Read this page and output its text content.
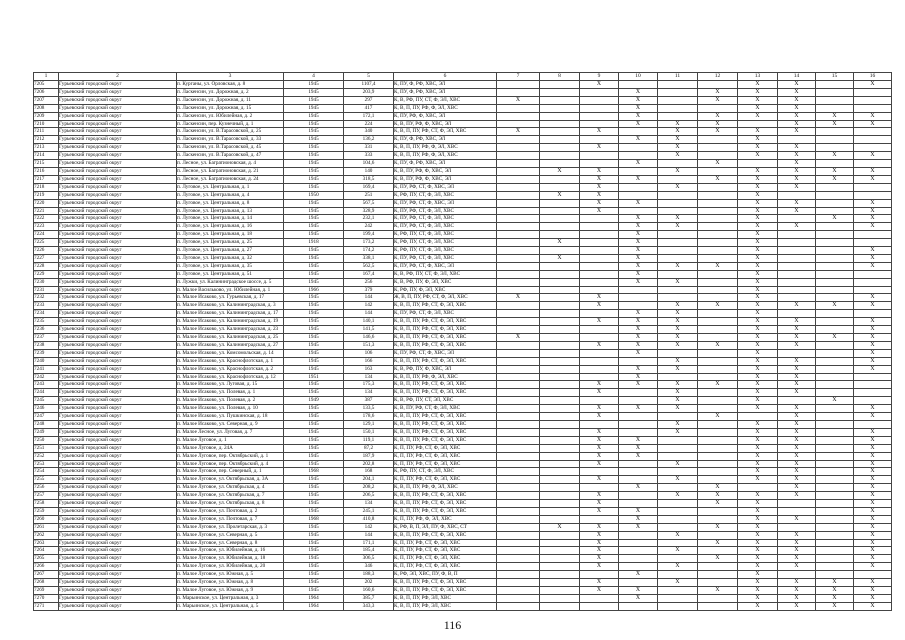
1	2	3	4	5	6	7	8	9	10	11	12	13	14	15	16
7205	Гурьевский городской округ	п. Курганы, ул. Орловская, д. 8	1945	1107,4	К, ПУ, Ф, РФ, ХВС, ЭЛ			X				X	X		X
7206	Гурьевский городской округ	п. Ласкенсин, ул. Дорожная, д. 2	1945	203,9	К, ПУ, Ф, РФ, ХВС, ЭЛ				X		X	X	X		
7207	Гурьевский городской округ	п. Ласкенсин, ул. Дорожная, д. 11	1945	297	К, В, РФ, ПУ, СТ, Ф, ЭЛ, ХВС	X			X		X	X	X		
7208	Гурьевский городской округ	п. Ласкенсин, ул. Дорожная, д. 15	1945	417	К, В, П, ПУ, РФ, Ф, ЭЛ, ХВС				X			X	X		
7209	Гурьевский городской округ	п. Ласкенсин, ул. Юбилейная, д. 2	1945	172,1	К, ПУ, РФ, Ф, ХВС, ЭЛ				X		X	X	X	X	X
7210	Гурьевский городской округ	п. Ласкенсин, пер. Кузнечный, д. 1	1945	224	К, В, ПУ, РФ, Ф, ХВС, ЭЛ				X	X	X		X	X	X
7211	Гурьевский городской округ	п. Ласкенсин, ул. В.Тарасовской, д. 25	1945	340	К, В, П, ПУ, РФ, СТ, Ф, ЭЛ, ХВС	X		X		X	X	X	X		
7212	Гурьевский городской округ	п. Ласкенсин, ул. В.Тарасовской, д. 33	1945	136,2	К, ПУ, Ф, РФ, ХВС, ЭЛ				X	X		X			
7213	Гурьевский городской округ	п. Ласкенсин, ул. В.Тарасовской, д. 45	1945	331	К, В, П, ПУ, РФ, Ф, ЭЛ, ХВС			X		X		X	X		
7214	Гурьевский городской округ	п. Ласкенсин, ул. В.Тарасовской, д. 47	1945	333	К, В, П, ПУ, РФ, Ф, ЭЛ, ХВС					X		X	X	X	X
7215	Гурьевский городской округ	п. Лесное, ул. Багратионовская, д. 4	1945	104,6	К, ПУ, Ф, РФ, ХВС, ЭЛ				X		X		X		
7216	Гурьевский городской округ	п. Лесное, ул. Багратионовская, д. 21	1945	140	К, В, ПУ, РФ, Ф, ХВС, ЭЛ		X	X		X		X	X	X	X
7217	Гурьевский городской округ	п. Лесное, ул. Багратионовская, д. 24	1945	318,5	К, В, ПУ, РФ, Ф, ХВС, ЭЛ			X	X		X	X	X	X	X
7218	Гурьевский городской округ	п. Луговое, ул. Центральная, д. 1	1945	169,4	К, ПУ, РФ, СТ, Ф, ХВС, ЭЛ			X		X		X	X		
7219	Гурьевский городской округ	п. Луговое, ул. Центральная, д. 4	1950	251	К, РФ, ПУ, СТ, Ф, ЭЛ, ХВС		X	X				X			
7220	Гурьевский городской округ	п. Луговое, ул. Центральная, д. 8	1945	567,5	К, ПУ, РФ, СТ, Ф, ХВС, ЭЛ			X	X			X	X		X
7221	Гурьевский городской округ	п. Луговое, ул. Центральная, д. 13	1945	328,9	К, ПУ, РФ, СТ, Ф, ЭЛ, ХВС			X				X	X		X
7222	Гурьевский городской округ	п. Луговое, ул. Центральная, д. 14	1945	232,1	К, ПУ, РФ, СТ, Ф, ЭЛ, ХВС				X	X		X		X	X
7223	Гурьевский городской округ	п. Луговое, ул. Центральная, д. 16	1945	242	К, ПУ, РФ, СТ, Ф, ЭЛ, ХВС				X	X		X	X		X
7224	Гурьевский городской округ	п. Луговое, ул. Центральная, д. 18	1945	199,4	К, РФ, ПУ, СТ, Ф, ЭЛ, ХВС				X			X			
7225	Гурьевский городской округ	п. Луговое, ул. Центральная, д. 25	1918	173,2	К, РФ, ПУ, СТ, Ф, ЭЛ, ХВС		X		X			X			
7226	Гурьевский городской округ	п. Луговое, ул. Центральная, д. 27	1945	174,2	К, РФ, ПУ, СТ, Ф, ЭЛ, ХВС				X			X			X
7227	Гурьевский городской округ	п. Луговое, ул. Центральная, д. 32	1945	338,1	К, ПУ, РФ, СТ, Ф, ЭЛ, ХВС		X		X			X			X
7228	Гурьевский городской округ	п. Луговое, ул. Центральная, д. 35	1945	562,5	К, ПУ, РФ, СТ, Ф, ХВС, ЭЛ				X	X	X	X			X
7229	Гурьевский городской округ	п. Луговое, ул. Центральная, д. 51	1945	167,4	К, В, РФ, ПУ, СТ, Ф, ЭЛ, ХВС				X			X			
7230	Гурьевский городской округ	п. Лужки, ул. Калининградское шоссе, д. 5	1945	256	К, В, РФ, ПУ, Ф, ЭЛ, ХВС				X	X		X			
7231	Гурьевский городской округ	п. Малое Васильково, ул. Юбилейная, д. 1	1966	379	К, РФ, ПУ, Ф, ЭЛ, ХВС							X			
7232	Гурьевский городской округ	п. Малое Исаково, ул. Гурьевская, д. 17	1945	144	Ж, В, П, ПУ, РФ, СТ, Ф, ЭЛ, ХВС	X		X				X			X
7233	Гурьевский городской округ	п. Малое Исаково, ул. Калининградская, д. 3	1945	142	К, В, П, ПУ, РФ, СТ, Ф, ЭЛ, ХВС			X		X	X	X	X	X	X
7234	Гурьевский городской округ	п. Малое Исаково, ул. Калининградская, д. 17	1945	144	К, ПУ, РФ, СТ, Ф, ЭЛ, ХВС				X	X		X			
7235	Гурьевский городской округ	п. Малое Исаково, ул. Калининградская, д. 19	1945	140,1	К, В, П, ПУ, РФ, СТ, Ф, ЭЛ, ХВС			X	X	X		X	X		X
7236	Гурьевский городской округ	п. Малое Исаково, ул. Калининградская, д. 23	1945	141,5	К, В, П, ПУ, РФ, СТ, Ф, ЭЛ, ХВС				X	X		X	X		X
7237	Гурьевский городской округ	п. Малое Исаково, ул. Калининградская, д. 25	1945	146,6	К, В, П, ПУ, РФ, СТ, Ф, ЭЛ, ХВС	X			X	X		X	X	X	X
7238	Гурьевский городской округ	п. Малое Исаково, ул. Калининградская, д. 27	1945	151,3	К, В, П, ПУ, РФ, СТ, Ф, ЭЛ, ХВС			X	X	X	X	X	X		X
7239	Гурьевский городской округ	п. Малое Исаково, ул. Комсомольская, д. 14	1945	106	К, ПУ, РФ, СТ, Ф, ХВС, ЭЛ				X			X			X
7240	Гурьевский городской округ	п. Малое Исаково, ул. Краснофлотская, д. 1	1945	166	К, В, П, ПУ, РФ, СТ, Ф, ЭЛ, ХВС					X		X	X		X
7241	Гурьевский городской округ	п. Малое Исаково, ул. Краснофлотская, д. 2	1945	163	К, В, РФ, ПУ, Ф, ХВС, ЭЛ				X	X		X	X		X
7242	Гурьевский городской округ	п. Малое Исаково, ул. Краснофлотская, д. 12	1951	134	К, В, П, ПУ, РФ, Ф, ЭЛ, ХВС				X			X	X		
7243	Гурьевский городской округ	п. Малое Исаково, ул. Луговая, д. 15	1945	175,3	К, В, П, ПУ, РФ, СТ, Ф, ЭЛ, ХВС			X	X	X	X	X	X		
7244	Гурьевский городской округ	п. Малое Исаково, ул. Полевая, д. 1	1945	134	К, В, П, ПУ, РФ, СТ, Ф, ЭЛ, ХВС			X		X		X	X		
7245	Гурьевский городской округ	п. Малое Исаково, ул. Полевая, д. 2	1949	387	К, В, РФ, ПУ, СТ, ЭЛ, ХВС					X		X		X	
7246	Гурьевский городской округ	п. Малое Исаково, ул. Полевая, д. 10	1945	133,5	К, В, ПУ, РФ, СТ, Ф, ЭЛ, ХВС			X	X	X		X	X		X
7247	Гурьевский городской округ	п. Малое Исаково, ул. Пушкинская, д. 18	1945	178,6	К, В, П, ПУ, РФ, СТ, Ф, ЭЛ, ХВС			X			X		X		X
7248	Гурьевский городской округ	п. Малое Исаково, ул. Северная, д. 9	1945	129,1	К, В, П, ПУ, РФ, СТ, Ф, ЭЛ, ХВС					X		X	X		
7249	Гурьевский городской округ	п. Малое Лесное, ул. Луговая, д. 7	1945	150,1	К, В, П, ПУ, РФ, СТ, Ф, ЭЛ, ХВС			X		X		X	X		X
7250	Гурьевский городской округ	п. Малое Луговое, д. 1	1945	119,1	К, В, П, ПУ, РФ, СТ, Ф, ЭЛ, ХВС			X	X			X	X		X
7251	Гурьевский городской округ	п. Малое Луговое, д. 24А	1945	87,2	К, П, ПУ, РФ, СТ, Ф, ЭЛ, ХВС			X	X			X	X		X
7252	Гурьевский городской округ	п. Малое Луговое, пер. Октябрьский, д. 1	1945	187,9	К, П, ПУ, РФ, СТ, Ф, ЭЛ, ХВС			X	X			X	X		X
7253	Гурьевский городской округ	п. Малое Луговое, пер. Октябрьский, д. 4	1945	202,8	К, П, ПУ, РФ, СТ, Ф, ЭЛ, ХВС			X		X		X	X		X
7254	Гурьевский городской округ	п. Малое Луговое, пер. Северный, д. 1	1968	168	К, РФ, ПУ, СТ, Ф, ЭЛ, ХВС							X	X		X
7255	Гурьевский городской округ	п. Малое Луговое, ул. Октябрьская, д. 3А	1945	204,1	К, П, ПУ, РФ, СТ, Ф, ЭЛ, ХВС			X		X		X	X		X
7256	Гурьевский городской округ	п. Малое Луговое, ул. Октябрьская, д. 4	1945	208,2	К, В, П, ПУ, РФ, Ф, ЭЛ, ХВС				X		X		X		X
7257	Гурьевский городской округ	п. Малое Луговое, ул. Октябрьская, д. 7	1945	206,5	К, В, П, ПУ, РФ, СТ, Ф, ЭЛ, ХВС			X		X	X	X	X		X
7258	Гурьевский городской округ	п. Малое Луговое, ул. Октябрьская, д. 8	1945	134	К, В, П, ПУ, РФ, СТ, Ф, ЭЛ, ХВС			X			X	X			X
7259	Гурьевский городской округ	п. Малое Луговое, ул. Почтовая, д. 2	1945	245,1	К, В, П, ПУ, РФ, СТ, Ф, ЭЛ, ХВС			X	X			X			X
7260	Гурьевский городской округ	п. Малое Луговое, ул. Почтовая, д. 7	1968	410,8	К, П, ПУ, РФ, Ф, ЭЛ, ХВС				X			X	X		X
7261	Гурьевский городской округ	п. Малое Луговое, ул. Пролетарская, д. 3	1945	142	К, РФ, В, П, ЭЛ, ПУ, Ф, ХВС, СТ		X	X	X		X	X			X
7262	Гурьевский городской округ	п. Малое Луговое, ул. Северная, д. 5	1945	144	К, В, П, ПУ, РФ, СТ, Ф, ЭЛ, ХВС			X		X		X	X		X
7263	Гурьевский городской округ	п. Малое Луговое, ул. Северная, д. 8	1945	171,1	К, П, ПУ, РФ, СТ, Ф, ЭЛ, ХВС			X			X	X	X		X
7264	Гурьевский городской округ	п. Малое Луговое, ул. Юбилейная, д. 16	1945	185,4	К, П, ПУ, РФ, СТ, Ф, ЭЛ, ХВС			X		X		X	X		X
7265	Гурьевский городской округ	п. Малое Луговое, ул. Юбилейная, д. 18	1945	306,5	К, П, ПУ, РФ, СТ, Ф, ЭЛ, ХВС			X			X	X	X		X
7266	Гурьевский городской округ	п. Малое Луговое, ул. Юбилейная, д. 20	1945	346	К, П, ПУ, РФ, СТ, Ф, ЭЛ, ХВС			X		X		X	X		X
7267	Гурьевский городской округ	п. Малое Луговое, ул. Южная, д. 5	1945	188,3	К, РФ, ЭЛ, ХВС, ПУ, Ф, В, П				X			X			
7268	Гурьевский городской округ	п. Малое Луговое, ул. Южная, д. 8	1945	202	К, В, П, ПУ, РФ, СТ, Ф, ЭЛ, ХВС			X		X		X	X	X	X
7269	Гурьевский городской округ	п. Малое Луговое, ул. Южная, д. 9	1945	160,6	К, В, П, ПУ, РФ, СТ, Ф, ЭЛ, ХВС			X	X		X	X	X	X	X
7270	Гурьевский городской округ	п. Марьинское, ул. Центральная, д. 3	1964	385,7	К, В, П, ПУ, РФ, ЭЛ, ХВС				X			X	X	X	X
7271	Гурьевский городской округ	п. Марьинское, ул. Центральная, д. 5	1964	343,3	К, В, П, ПУ, РФ, ЭЛ, ХВС							X	X	X	X
116
